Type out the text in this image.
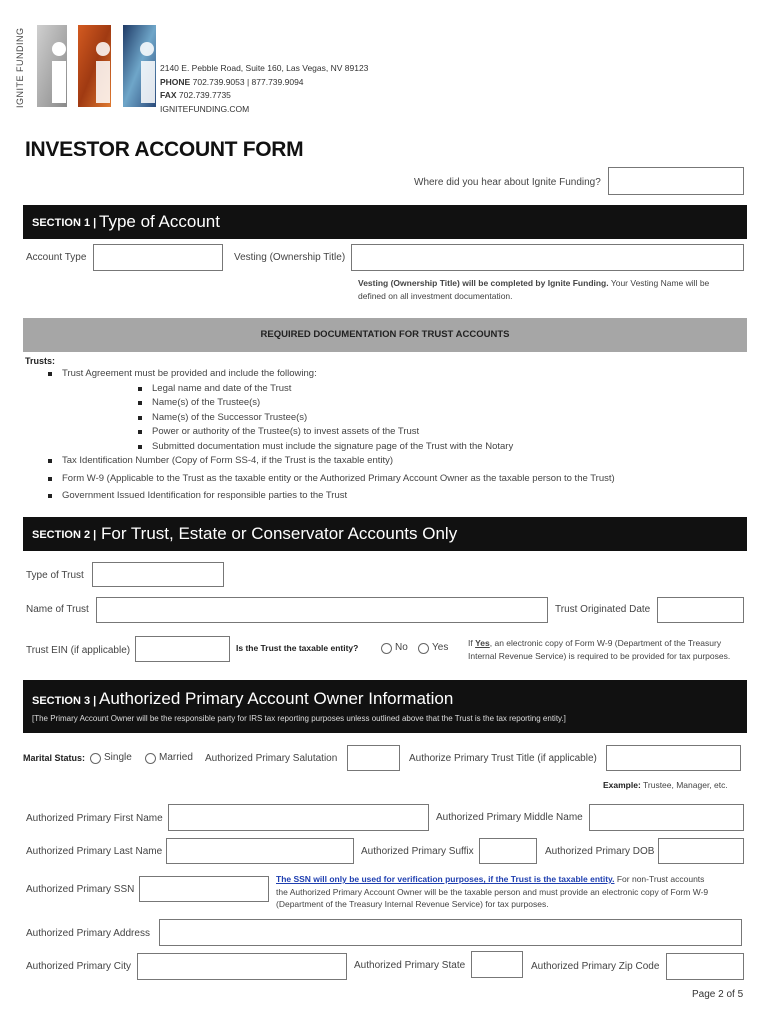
IGNITE FUNDING	2140 E. Pebble Road, Suite 160, Las Vegas, NV 89123
PHONE 702.739.9053 | 877.739.9094
FAX 702.739.7735
IGNITEFUNDING.COM
INVESTOR ACCOUNT FORM
Where did you hear about Ignite Funding?
SECTION 1 | Type of Account
Account Type	Vesting (Ownership Title)
Vesting (Ownership Title) will be completed by Ignite Funding. Your Vesting Name will be
defined on all investment documentation.
REQUIRED DOCUMENTATION FOR TRUST ACCOUNTS
Trusts:
Trust Agreement must be provided and include the following:
Legal name and date of the Trust
Name(s) of the Trustee(s)
Name(s) of the Successor Trustee(s)
Power or authority of the Trustee(s) to invest assets of the Trust
Submitted documentation must include the signature page of the Trust with the Notary
Tax Identification Number (Copy of Form SS-4, if the Trust is the taxable entity)
Form W-9 (Applicable to the Trust as the taxable entity or the Authorized Primary Account Owner as the taxable person to the Trust)
Government Issued Identification for responsible parties to the Trust
SECTION 2 | For Trust, Estate or Conservator Accounts Only
Type of Trust
Name of Trust	Trust Originated Date
Trust EIN (if applicable)	Is the Trust the taxable entity?	No Yes If Yes, an electronic copy of Form W-9 (Department of the Treasury
Internal Revenue Service) is required to be provided for tax purposes.
SECTION 3 | Authorized Primary Account Owner Information
[The Primary Account Owner will be the responsible party for IRS tax reporting purposes unless outlined above that the Trust is the tax reporting entity.]
Marital Status: Single	Married Authorized Primary Salutation	Authorize Primary Trust Title (if applicable)
Example: Trustee, Manager, etc.
Authorized Primary First Name	Authorized Primary Middle Name
Authorized Primary Last Name	Authorized Primary Suffix	Authorized Primary DOB
Authorized Primary SSN
The SSN will only be used for verification purposes, if the Trust is the taxable entity. For non-Trust accounts
the Authorized Primary Account Owner will be the taxable person and must provide an electronic copy of Form W-9
(Department of the Treasury Internal Revenue Service) for tax purposes.
Authorized Primary Address
Authorized Primary City	Authorized Primary State	Authorized Primary Zip Code
Page 2 of 5
